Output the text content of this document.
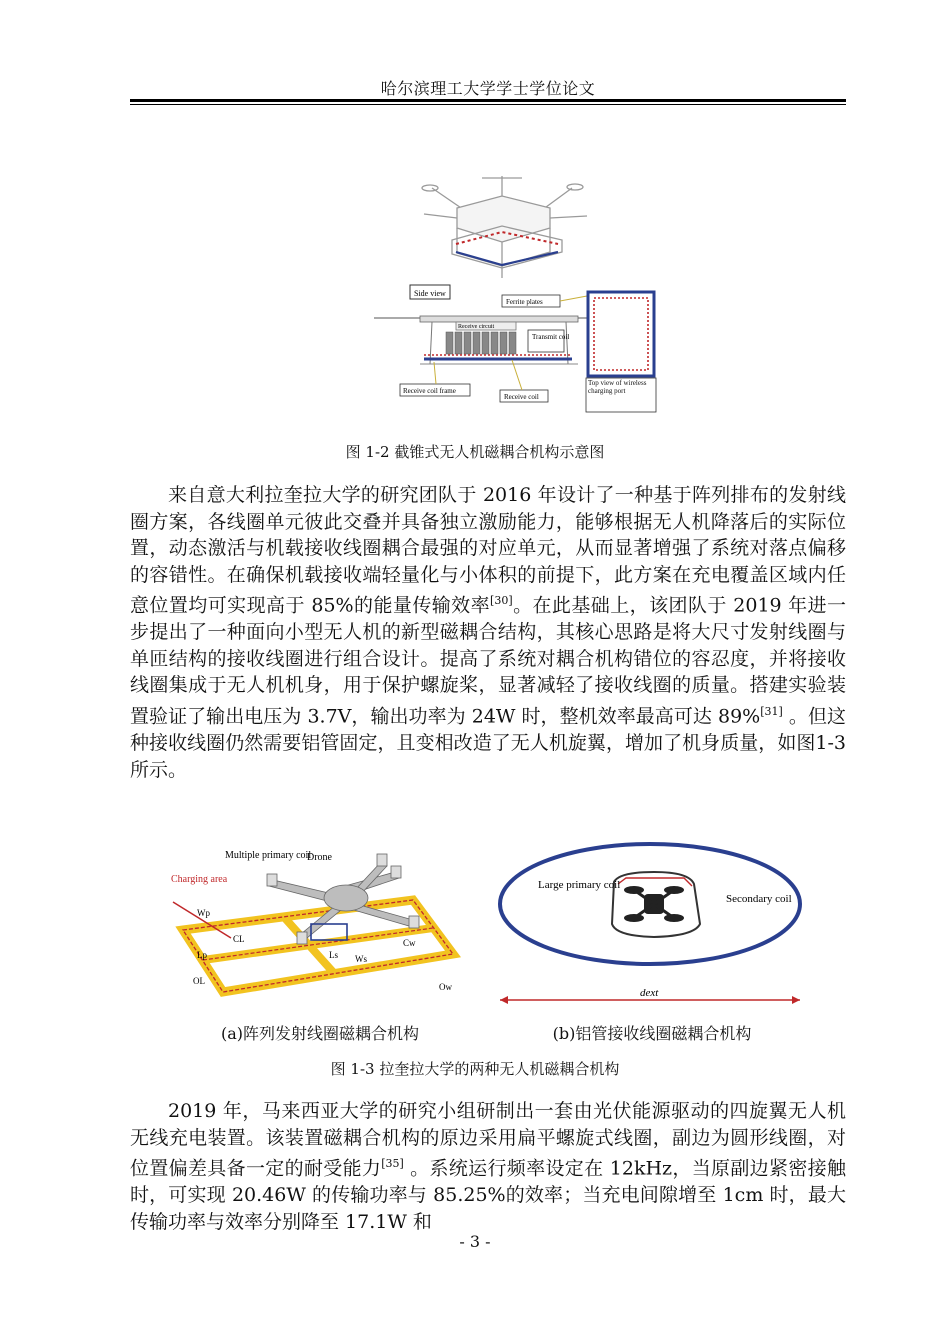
哈尔滨理工大学学士学位论文
Side view
Receive circuit
Ferrite plates
Transmit coil
Receive coil frame
Receive coil
Top view of wireless charging port
图 1-2 截锥式无人机磁耦合机构示意图

来自意大利拉奎拉大学的研究团队于 2016 年设计了一种基于阵列排布的发射线圈方案，各线圈单元彼此交叠并具备独立激励能力，能够根据无人机降落后的实际位置，动态激活与机载接收线圈耦合最强的对应单元，从而显著增强了系统对落点偏移的容错性。在确保机载接收端轻量化与小体积的前提下，此方案在充电覆盖区域内任意位置均可实现高于 85%的能量传输效率[30]。在此基础上，该团队于 2019 年进一步提出了一种面向小型无人机的新型磁耦合结构，其核心思路是将大尺寸发射线圈与单匝结构的接收线圈进行组合设计。提高了系统对耦合机构错位的容忍度，并将接收线圈集成于无人机机身，用于保护螺旋桨，显著减轻了接收线圈的质量。搭建实验装置验证了输出电压为 3.7V，输出功率为 24W 时，整机效率最高可达 89%[31] 。但这种接收线圈仍然需要铝管固定，且变相改造了无人机旋翼，增加了机身质量，如图1-3所示。

Charging area
Multiple primary coil
Drone
Wp
CL	Cw
Lp	Ls Ws
OL
Ow
Large primary coil
Secondary coil
dext
(a)阵列发射线圈磁耦合机构	(b)铝管接收线圈磁耦合机构
图 1-3 拉奎拉大学的两种无人机磁耦合机构

2019 年，马来西亚大学的研究小组研制出一套由光伏能源驱动的四旋翼无人机无线充电装置。该装置磁耦合机构的原边采用扁平螺旋式线圈，副边为圆形线圈，对位置偏差具备一定的耐受能力[35] 。系统运行频率设定在 12kHz，当原副边紧密接触时，可实现 20.46W 的传输功率与 85.25%的效率；当充电间隙增至 1cm 时，最大传输功率与效率分别降至 17.1W 和

- 3 -
